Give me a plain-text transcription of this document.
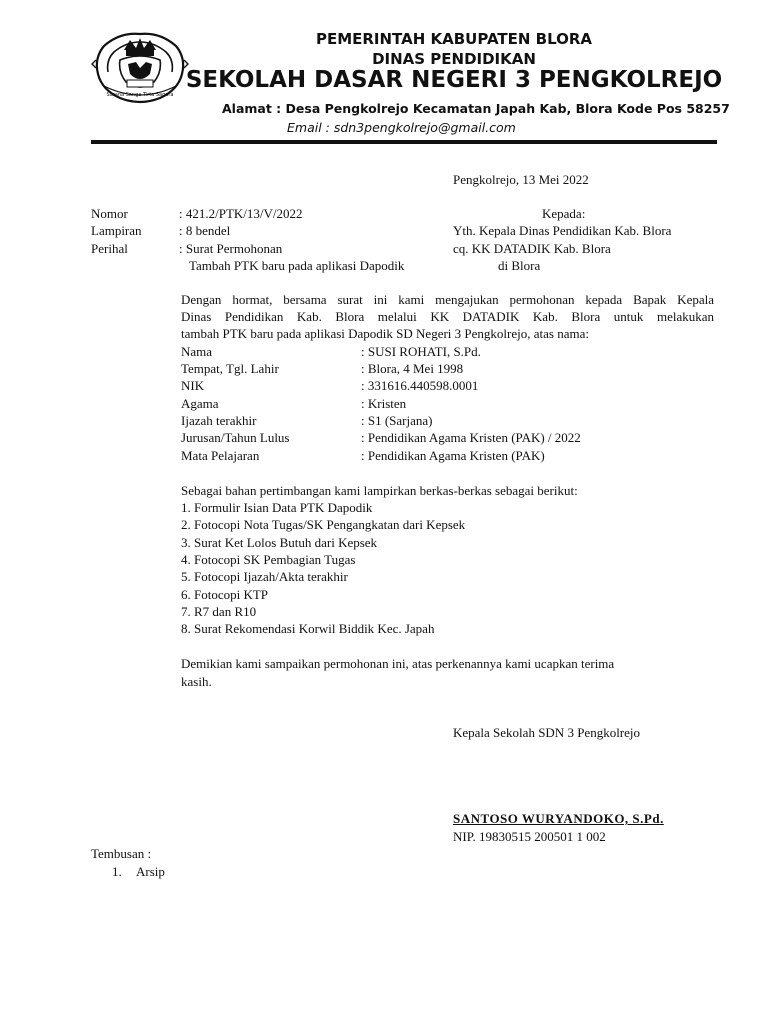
Sarana Sanga Tirta Sagara
PEMERINTAH KABUPATEN BLORA
DINAS PENDIDIKAN
SEKOLAH DASAR NEGERI 3 PENGKOLREJO
Alamat : Desa Pengkolrejo Kecamatan Japah Kab, Blora Kode Pos 58257
Email : sdn3pengkolrejo@gmail.com
Pengkolrejo, 13 Mei 2022
Nomor	: 421.2/PTK/13/V/2022
Lampiran	: 8 bendel
Perihal	: Surat Permohonan
Tambah PTK baru pada aplikasi Dapodik
Kepada:
Yth. Kepala Dinas Pendidikan Kab. Blora
cq. KK DATADIK Kab. Blora
di Blora
Dengan hormat, bersama surat ini kami mengajukan permohonan kepada Bapak Kepala
Dinas Pendidikan Kab. Blora melalui KK DATADIK Kab. Blora untuk melakukan
tambah PTK baru pada aplikasi Dapodik SD Negeri 3 Pengkolrejo, atas nama:
Nama	: SUSI ROHATI, S.Pd.
Tempat, Tgl. Lahir	: Blora, 4 Mei 1998
NIK	: 331616.440598.0001
Agama	: Kristen
Ijazah terakhir	: S1 (Sarjana)
Jurusan/Tahun Lulus	: Pendidikan Agama Kristen (PAK) / 2022
Mata Pelajaran	: Pendidikan Agama Kristen (PAK)
Sebagai bahan pertimbangan kami lampirkan berkas-berkas sebagai berikut:
1. Formulir Isian Data PTK Dapodik
2. Fotocopi Nota Tugas/SK Pengangkatan dari Kepsek
3. Surat Ket Lolos Butuh dari Kepsek
4. Fotocopi SK Pembagian Tugas
5. Fotocopi Ijazah/Akta terakhir
6. Fotocopi KTP
7. R7 dan R10
8. Surat Rekomendasi Korwil Biddik Kec. Japah
Demikian kami sampaikan permohonan ini, atas perkenannya kami ucapkan terima
kasih.
Kepala Sekolah SDN 3 Pengkolrejo
SANTOSO WURYANDOKO, S.Pd.
NIP. 19830515 200501 1 002
Tembusan :
1. Arsip
